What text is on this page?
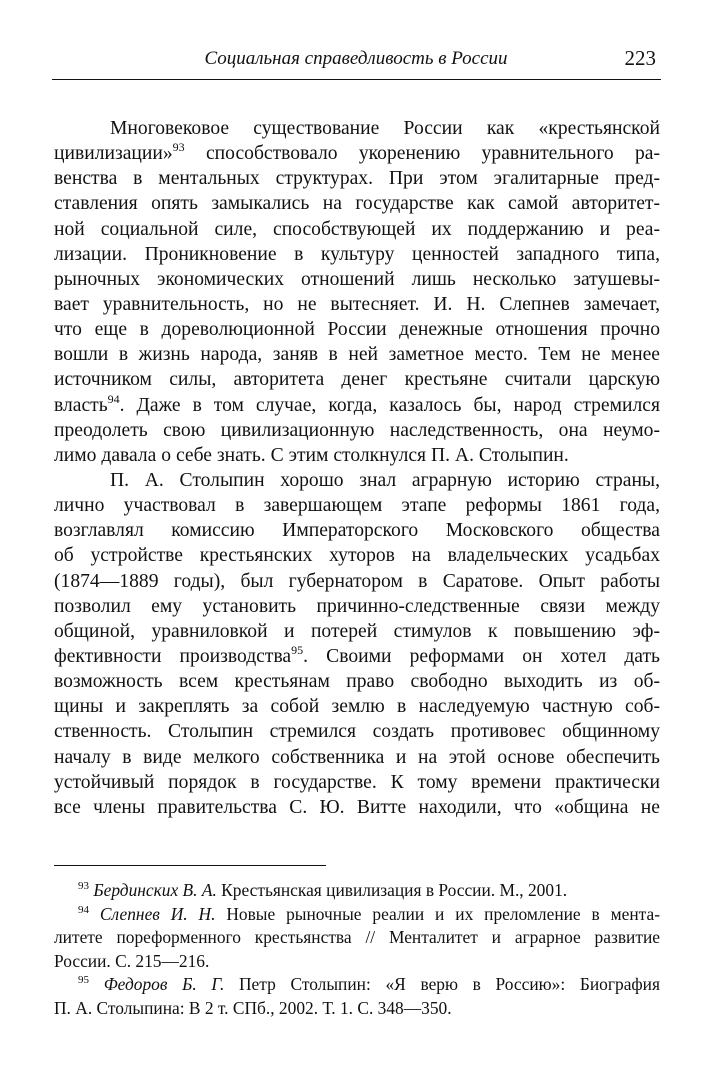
Социальная справедливость в России	223
Многовековое существование России как «крестьянской
цивилизации»$^{93}$ способствовало укоренению уравнительного ра-
венства в ментальных структурах. При этом эгалитарные пред-
ставления опять замыкались на государстве как самой авторитет-
ной социальной силе, способствующей их поддержанию и реа-
лизации. Проникновение в культуру ценностей западного типа,
рыночных экономических отношений лишь несколько затушевы-
вает уравнительность, но не вытесняет. И. Н. Слепнев замечает,
что еще в дореволюционной России денежные отношения прочно
вошли в жизнь народа, заняв в ней заметное место. Тем не менее
источником силы, авторитета денег крестьяне считали царскую
власть$^{94}$. Даже в том случае, когда, казалось бы, народ стремился
преодолеть свою цивилизационную наследственность, она неумо-
лимо давала о себе знать. С этим столкнулся П. А. Столыпин.
П. А. Столыпин хорошо знал аграрную историю страны,
лично участвовал в завершающем этапе реформы 1861 года,
возглавлял комиссию Императорского Московского общества
об устройстве крестьянских хуторов на владельческих усадьбах
(1874—1889 годы), был губернатором в Саратове. Опыт работы
позволил ему установить причинно-следственные связи между
общиной, уравниловкой и потерей стимулов к повышению эф-
фективности производства$^{95}$. Своими реформами он хотел дать
возможность всем крестьянам право свободно выходить из об-
щины и закреплять за собой землю в наследуемую частную соб-
ственность. Столыпин стремился создать противовес общинному
началу в виде мелкого собственника и на этой основе обеспечить
устойчивый порядок в государстве. К тому времени практически
все члены правительства С. Ю. Витте находили, что «община не
$^{93}$ Бердинских В. А. Крестьянская цивилизация в России. М., 2001.
$^{94}$ Слепнев И. Н. Новые рыночные реалии и их преломление в мента-
литете пореформенного крестьянства // Менталитет и аграрное развитие
России. С. 215—216.
$^{95}$ Федоров Б. Г. Петр Столыпин: «Я верю в Россию»: Биография
П. А. Столыпина: В 2 т. СПб., 2002. Т. 1. С. 348—350.
